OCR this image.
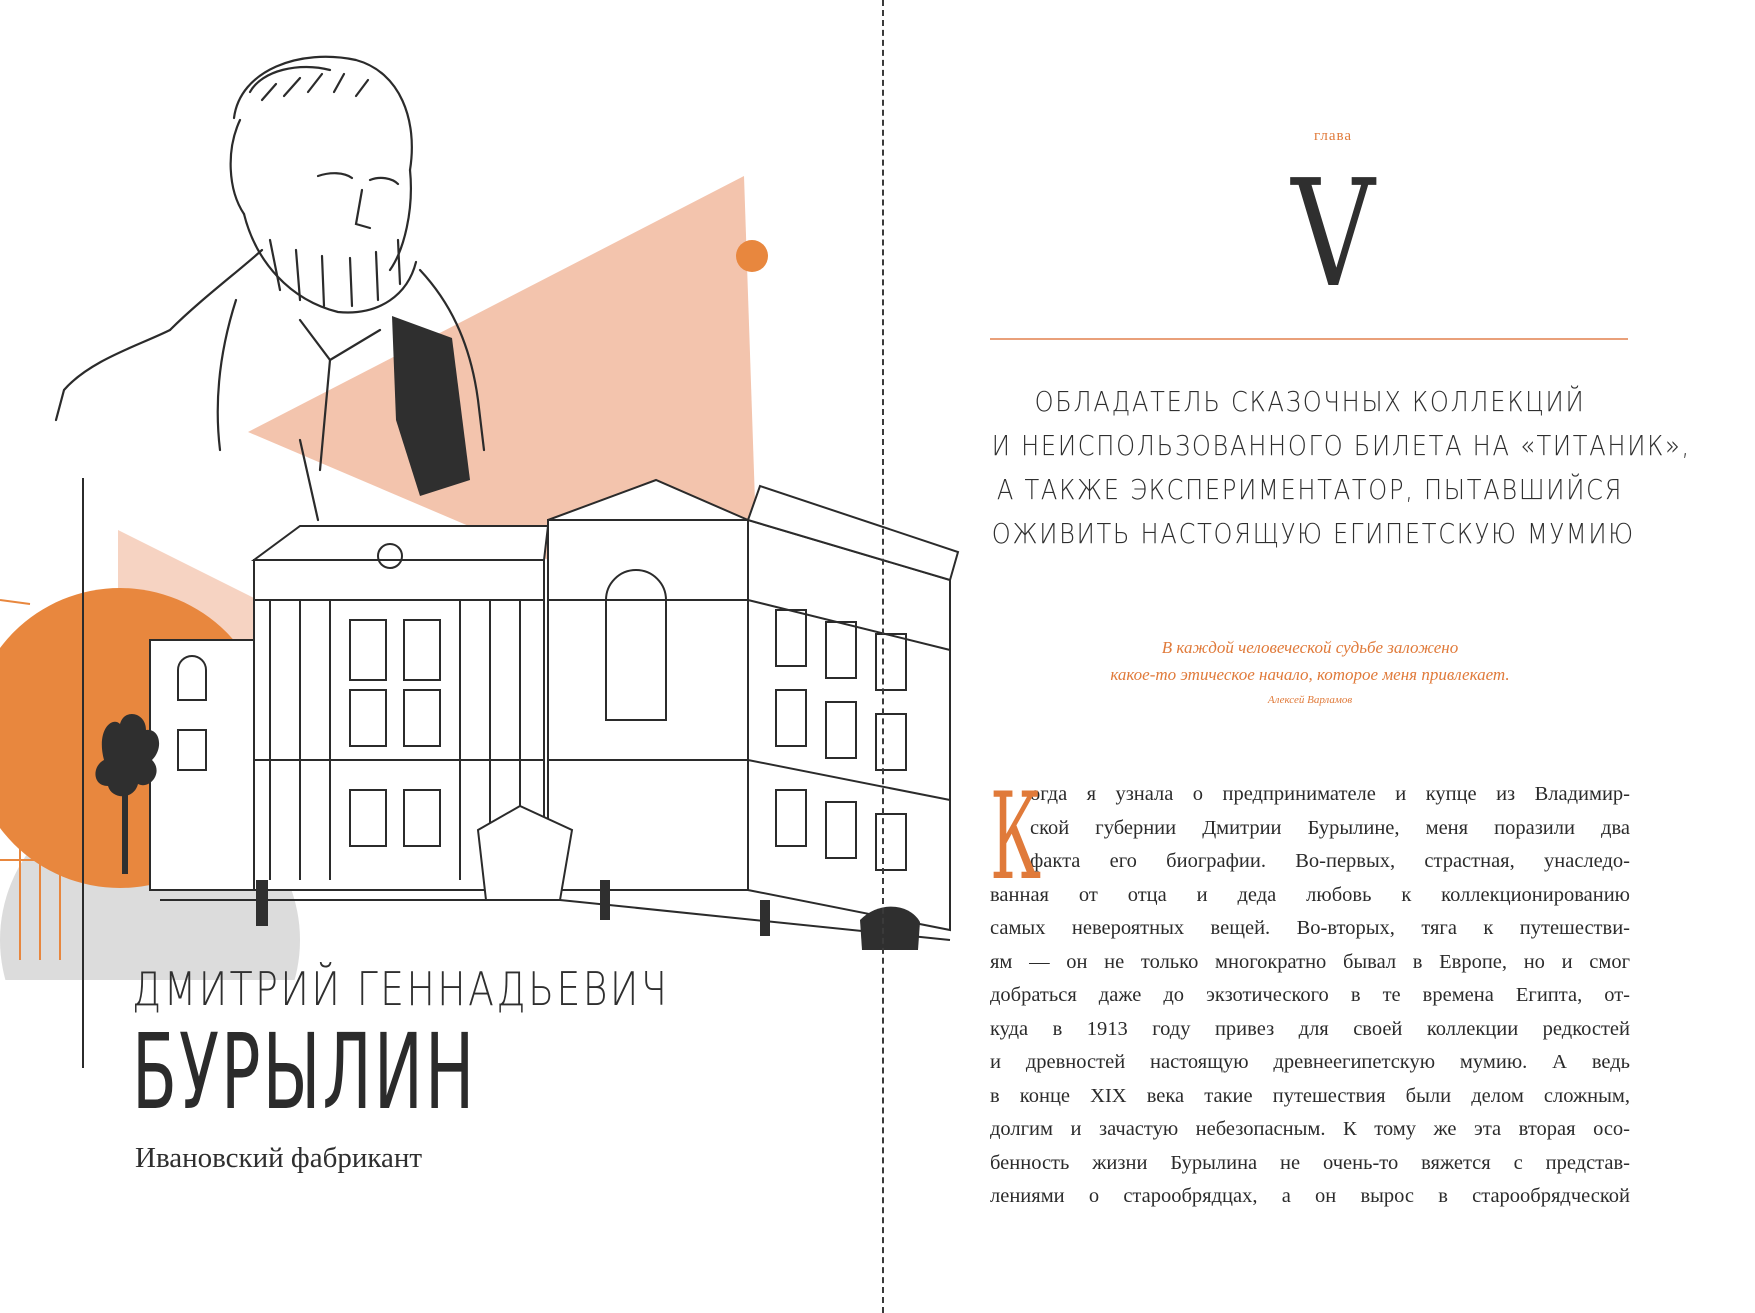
ДМИТРИЙ ГЕННАДЬЕВИЧ
БУРЫЛИН
Ивановский фабрикант
глава
V
ОБЛАДАТЕЛЬ СКАЗОЧНЫХ КОЛЛЕКЦИЙ
И НЕИСПОЛЬЗОВАННОГО БИЛЕТА НА «ТИТАНИК»,
А ТАКЖЕ ЭКСПЕРИМЕНТАТОР, ПЫТАВШИЙСЯ
ОЖИВИТЬ НАСТОЯЩУЮ ЕГИПЕТСКУЮ МУМИЮ
В каждой человеческой судьбе заложено
какое-то этическое начало, которое меня привлекает.
Алексей Варламов
К
огда я узнала о предпринимателе и купце из Владимир-
ской губернии Дмитрии Бурылине, меня поразили два
факта его биографии. Во-первых, страстная, унаследо-
ванная от отца и деда любовь к коллекционированию
самых невероятных вещей. Во-вторых, тяга к путешестви-
ям — он не только многократно бывал в Европе, но и смог
добраться даже до экзотического в те времена Египта, от-
куда в 1913 году привез для своей коллекции редкостей
и древностей настоящую древнеегипетскую мумию. А ведь
в конце XIX века такие путешествия были делом сложным,
долгим и зачастую небезопасным. К тому же эта вторая осо-
бенность жизни Бурылина не очень-то вяжется с представ-
лениями о старообрядцах, а он вырос в старообрядческой
